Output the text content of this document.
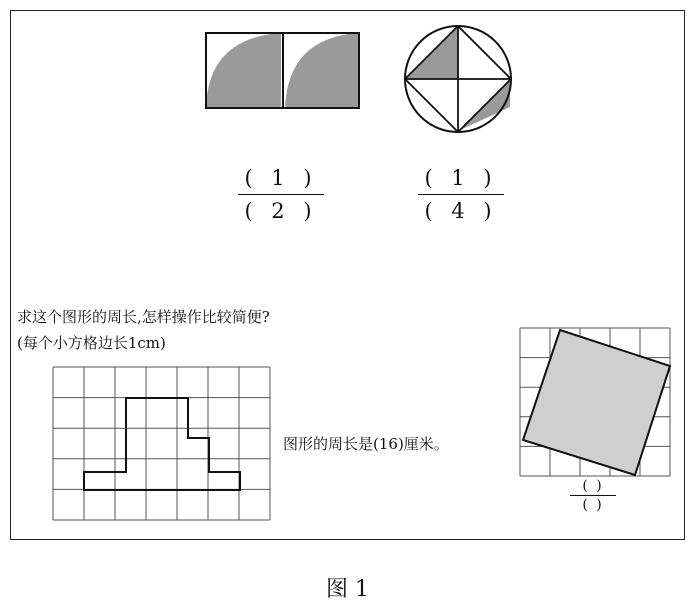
( 1 )
( 2 )
( 1 )
( 4 )
( )
( )
求这个图形的周长,怎样操作比较简便?
(每个小方格边长1cm)
图形的周长是(16)厘米。
图 1
